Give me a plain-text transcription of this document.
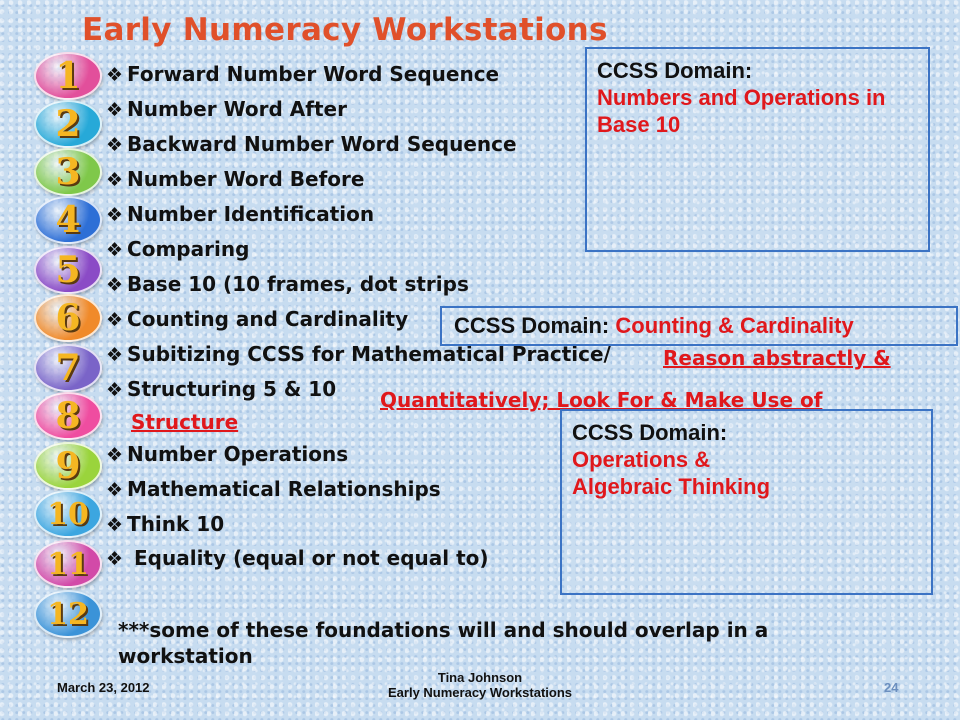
Early Numeracy Workstations
1
2
3
4
5
6
7
8
9
10
11
12
❖ Forward Number Word Sequence
❖ Number Word After
❖ Backward Number Word Sequence
❖ Number Word Before
❖ Number Identification
❖ Comparing
❖ Base 10 (10 frames, dot strips
❖ Counting and Cardinality
❖ Subitizing CCSS for Mathematical Practice/
❖ Structuring 5 & 10
❖ Number Operations
❖ Mathematical Relationships
❖ Think 10
❖ Equality (equal or not equal to)
Reason abstractly &
Quantitatively; Look For & Make Use of
Structure
CCSS Domain:
Numbers and Operations in Base 10
CCSS Domain: Counting & Cardinality
CCSS Domain:
Operations & Algebraic Thinking
***some of these foundations will and should overlap in a workstation
March 23, 2012
Tina Johnson
Early Numeracy Workstations	24
